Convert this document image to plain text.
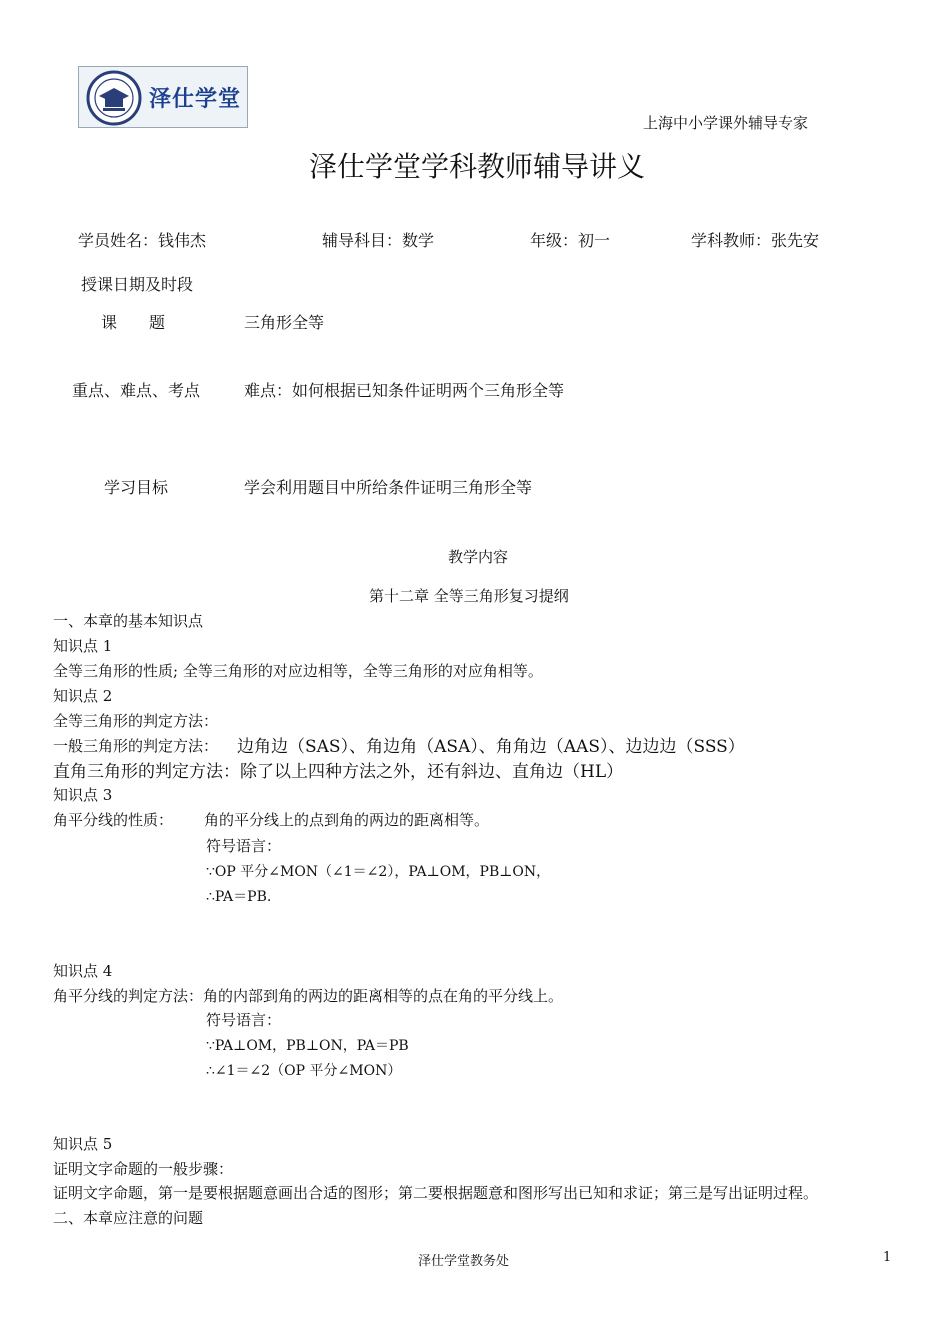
泽仕学堂
上海中小学课外辅导专家
泽仕学堂学科教师辅导讲义
学员姓名：钱伟杰	辅导科目：数学	年级：初一	学科教师：张先安
授课日期及时段
课　　题	三角形全等
重点、难点、考点	难点：如何根据已知条件证明两个三角形全等
学习目标	学会利用题目中所给条件证明三角形全等
教学内容
第十二章 全等三角形复习提纲
一、本章的基本知识点
知识点 1
全等三角形的性质; 全等三角形的对应边相等，全等三角形的对应角相等。
知识点 2
全等三角形的判定方法：
一般三角形的判定方法： 边角边（SAS）、角边角（ASA）、角角边（AAS）、边边边（SSS）
直角三角形的判定方法：除了以上四种方法之外，还有斜边、直角边（HL）
知识点 3
角平分线的性质： 角的平分线上的点到角的两边的距离相等。
符号语言：
∵OP 平分∠MON（∠1＝∠2），PA⊥OM，PB⊥ON，
∴PA＝PB.
知识点 4
角平分线的判定方法：角的内部到角的两边的距离相等的点在角的平分线上。
符号语言：
∵PA⊥OM，PB⊥ON，PA＝PB
∴∠1＝∠2（OP 平分∠MON）
知识点 5
证明文字命题的一般步骤：
证明文字命题，第一是要根据题意画出合适的图形；第二要根据题意和图形写出已知和求证；第三是写出证明过程。
二、本章应注意的问题
泽仕学堂教务处	1
